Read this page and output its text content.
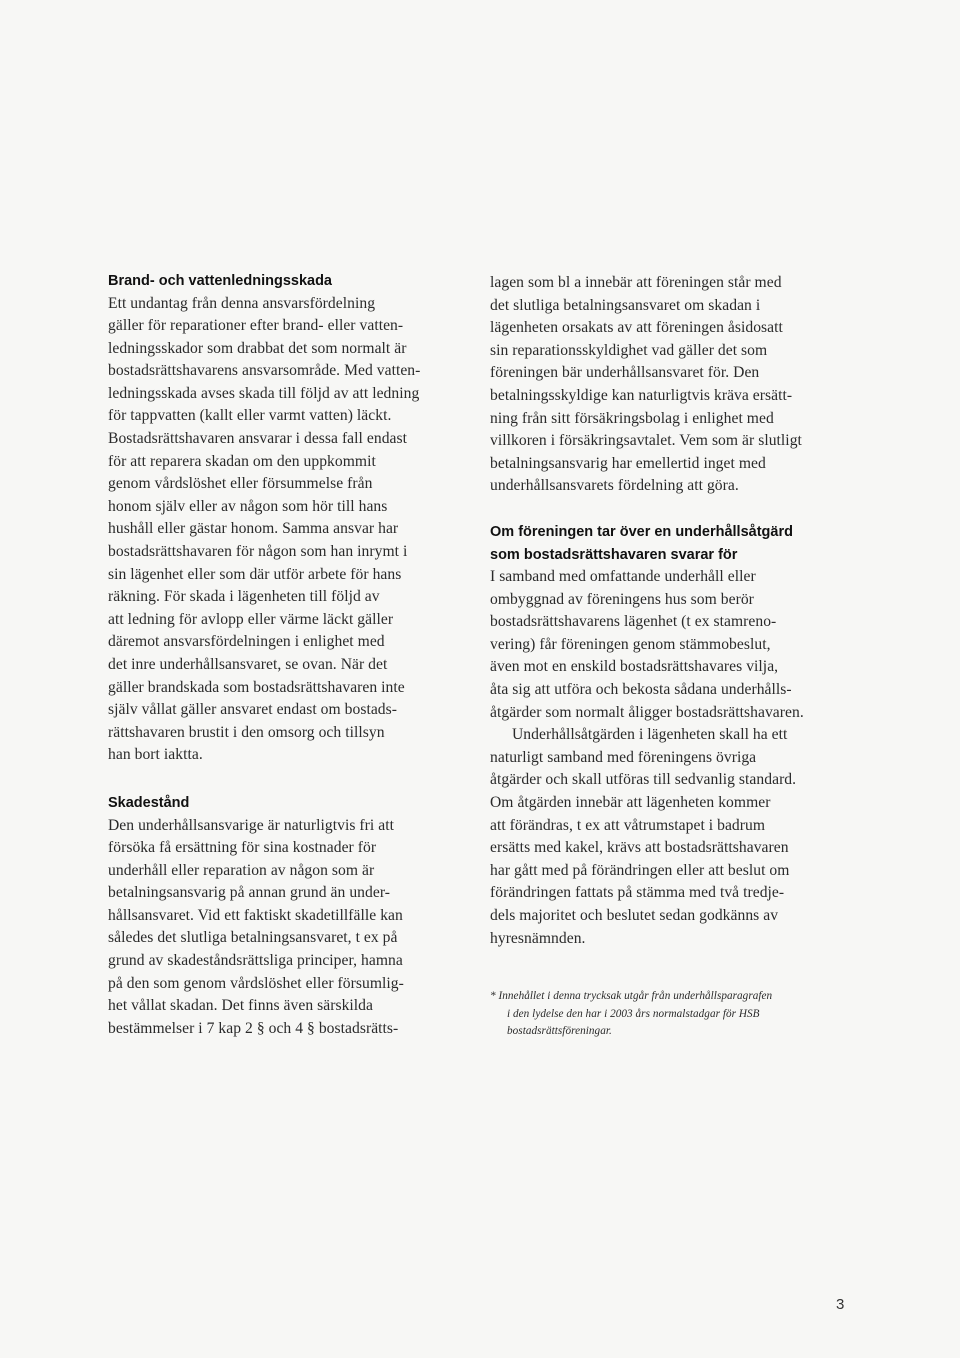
Brand- och vattenledningsskada
Ett undantag från denna ansvarsfördelning
gäller för reparationer efter brand- eller vatten-
ledningsskador som drabbat det som normalt är
bostadsrättshavarens ansvarsområde. Med vatten-
ledningsskada avses skada till följd av att ledning
för tappvatten (kallt eller varmt vatten) läckt.
Bostadsrättshavaren ansvarar i dessa fall endast
för att reparera skadan om den uppkommit
genom vårdslöshet eller försummelse från
honom själv eller av någon som hör till hans
hushåll eller gästar honom. Samma ansvar har
bostadsrättshavaren för någon som han inrymt i
sin lägenhet eller som där utför arbete för hans
räkning. För skada i lägenheten till följd av
att ledning för avlopp eller värme läckt gäller
däremot ansvarsfördelningen i enlighet med
det inre underhållsansvaret, se ovan. När det
gäller brandskada som bostadsrättshavaren inte
själv vållat gäller ansvaret endast om bostads-
rättshavaren brustit i den omsorg och tillsyn
han bort iaktta.
Skadestånd
Den underhållsansvarige är naturligtvis fri att
försöka få ersättning för sina kostnader för
underhåll eller reparation av någon som är
betalningsansvarig på annan grund än under-
hållsansvaret. Vid ett faktiskt skadetillfälle kan
således det slutliga betalningsansvaret, t ex på
grund av skadeståndsrättsliga principer, hamna
på den som genom vårdslöshet eller försumlig-
het vållat skadan. Det finns även särskilda
bestämmelser i 7 kap 2 § och 4 § bostadsrätts-
lagen som bl a innebär att föreningen står med
det slutliga betalningsansvaret om skadan i
lägenheten orsakats av att föreningen åsidosatt
sin reparationsskyldighet vad gäller det som
föreningen bär underhållsansvaret för. Den
betalningsskyldige kan naturligtvis kräva ersätt-
ning från sitt försäkringsbolag i enlighet med
villkoren i försäkringsavtalet. Vem som är slutligt
betalningsansvarig har emellertid inget med
underhållsansvarets fördelning att göra.
Om föreningen tar över en underhållsåtgärd
som bostadsrättshavaren svarar för
I samband med omfattande underhåll eller
ombyggnad av föreningens hus som berör
bostadsrättshavarens lägenhet (t ex stamreno-
vering) får föreningen genom stämmobeslut,
även mot en enskild bostadsrättshavares vilja,
åta sig att utföra och bekosta sådana underhålls-
åtgärder som normalt åligger bostadsrättshavaren.
Underhållsåtgärden i lägenheten skall ha ett
naturligt samband med föreningens övriga
åtgärder och skall utföras till sedvanlig standard.
Om åtgärden innebär att lägenheten kommer
att förändras, t ex att våtrumstapet i badrum
ersätts med kakel, krävs att bostadsrättshavaren
har gått med på förändringen eller att beslut om
förändringen fattats på stämma med två tredje-
dels majoritet och beslutet sedan godkänns av
hyresnämnden.
* Innehållet i denna trycksak utgår från underhållsparagrafen
i den lydelse den har i 2003 års normalstadgar för HSB
bostadsrättsföreningar.
3
